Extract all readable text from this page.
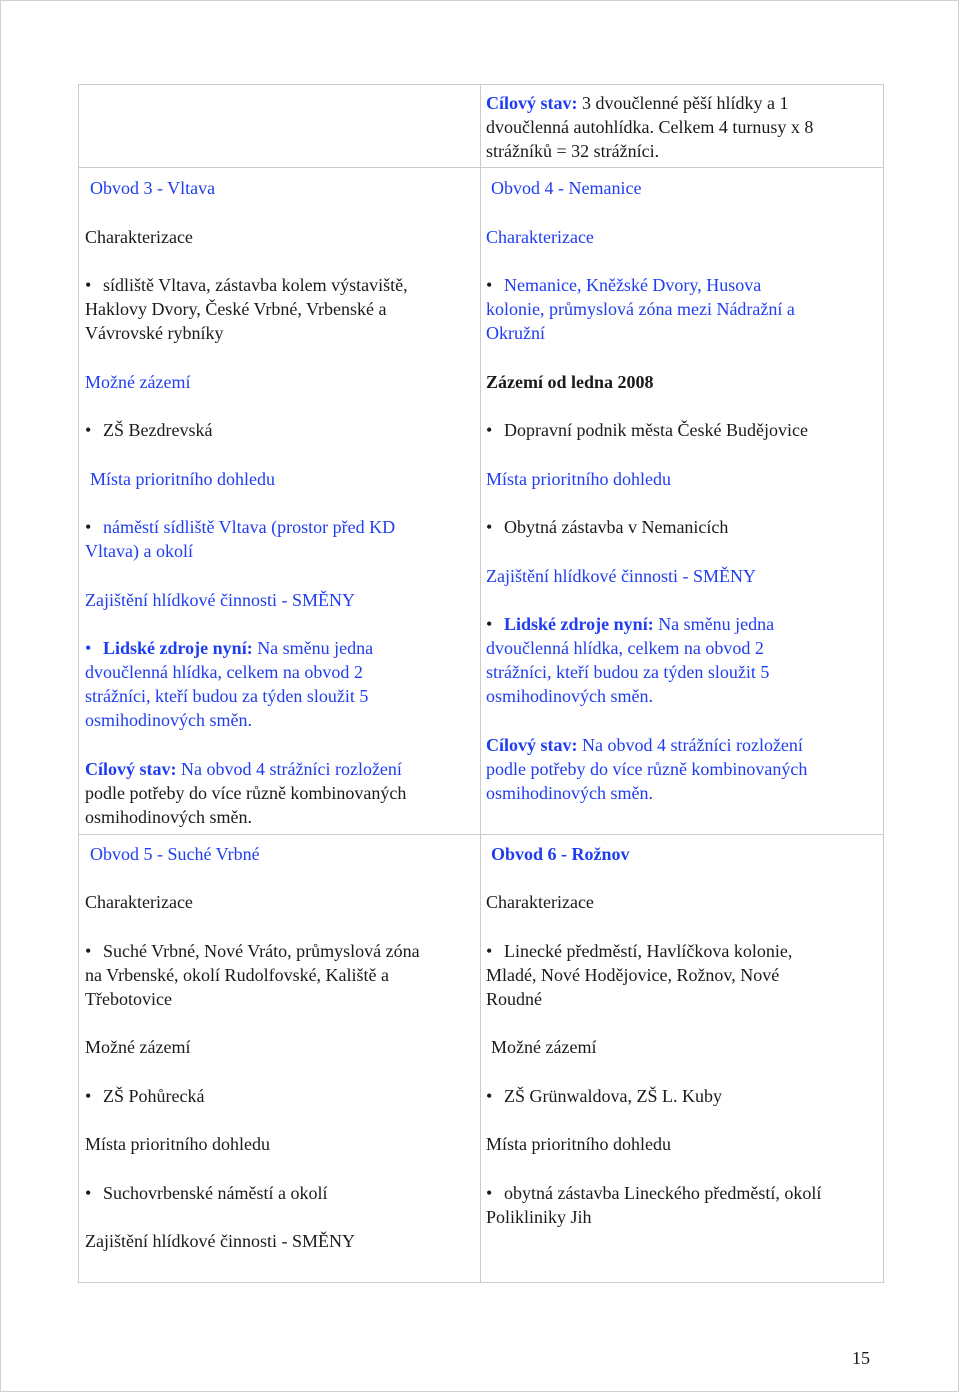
Cílový stav: 3 dvoučlenné pěší hlídky a 1
dvoučlenná autohlídka. Celkem 4 turnusy x 8
strážníků = 32 strážníci.
Obvod 3 - Vltava
Charakterizace
•
sídliště Vltava, zástavba kolem výstaviště,
Haklovy Dvory, České Vrbné, Vrbenské a
Vávrovské rybníky
Možné zázemí
•
ZŠ Bezdrevská
Místa prioritního dohledu
•
náměstí sídliště Vltava (prostor před KD
Vltava) a okolí
Zajištění hlídkové činnosti - SMĚNY
•
Lidské zdroje nyní: Na směnu jedna
dvoučlenná hlídka, celkem na obvod 2
strážníci, kteří budou za týden sloužit 5
osmihodinových směn.
Cílový stav: Na obvod 4 strážníci rozložení
podle potřeby do více různě kombinovaných
osmihodinových směn.
Obvod 4 - Nemanice
Charakterizace
•
Nemanice, Kněžské Dvory, Husova
kolonie, průmyslová zóna mezi Nádražní a
Okružní
Zázemí od ledna 2008
•
Dopravní podnik města České Budějovice
Místa prioritního dohledu
•
Obytná zástavba v Nemanicích
Zajištění hlídkové činnosti - SMĚNY
•
Lidské zdroje nyní: Na směnu jedna
dvoučlenná hlídka, celkem na obvod 2
strážníci, kteří budou za týden sloužit 5
osmihodinových směn.
Cílový stav: Na obvod 4 strážníci rozložení
podle potřeby do více různě kombinovaných
osmihodinových směn.
Obvod 5 - Suché Vrbné
Charakterizace
•
Suché Vrbné, Nové Vráto, průmyslová zóna
na Vrbenské, okolí Rudolfovské, Kaliště a
Třebotovice
Možné zázemí
•
ZŠ Pohůrecká
Místa prioritního dohledu
•
Suchovrbenské náměstí a okolí
Zajištění hlídkové činnosti - SMĚNY
Obvod 6 - Rožnov
Charakterizace
•
Linecké předměstí, Havlíčkova kolonie,
Mladé, Nové Hodějovice, Rožnov, Nové
Roudné
Možné zázemí
•
ZŠ Grünwaldova, ZŠ L. Kuby
Místa prioritního dohledu
•
obytná zástavba Lineckého předměstí, okolí
Polikliniky Jih
15
